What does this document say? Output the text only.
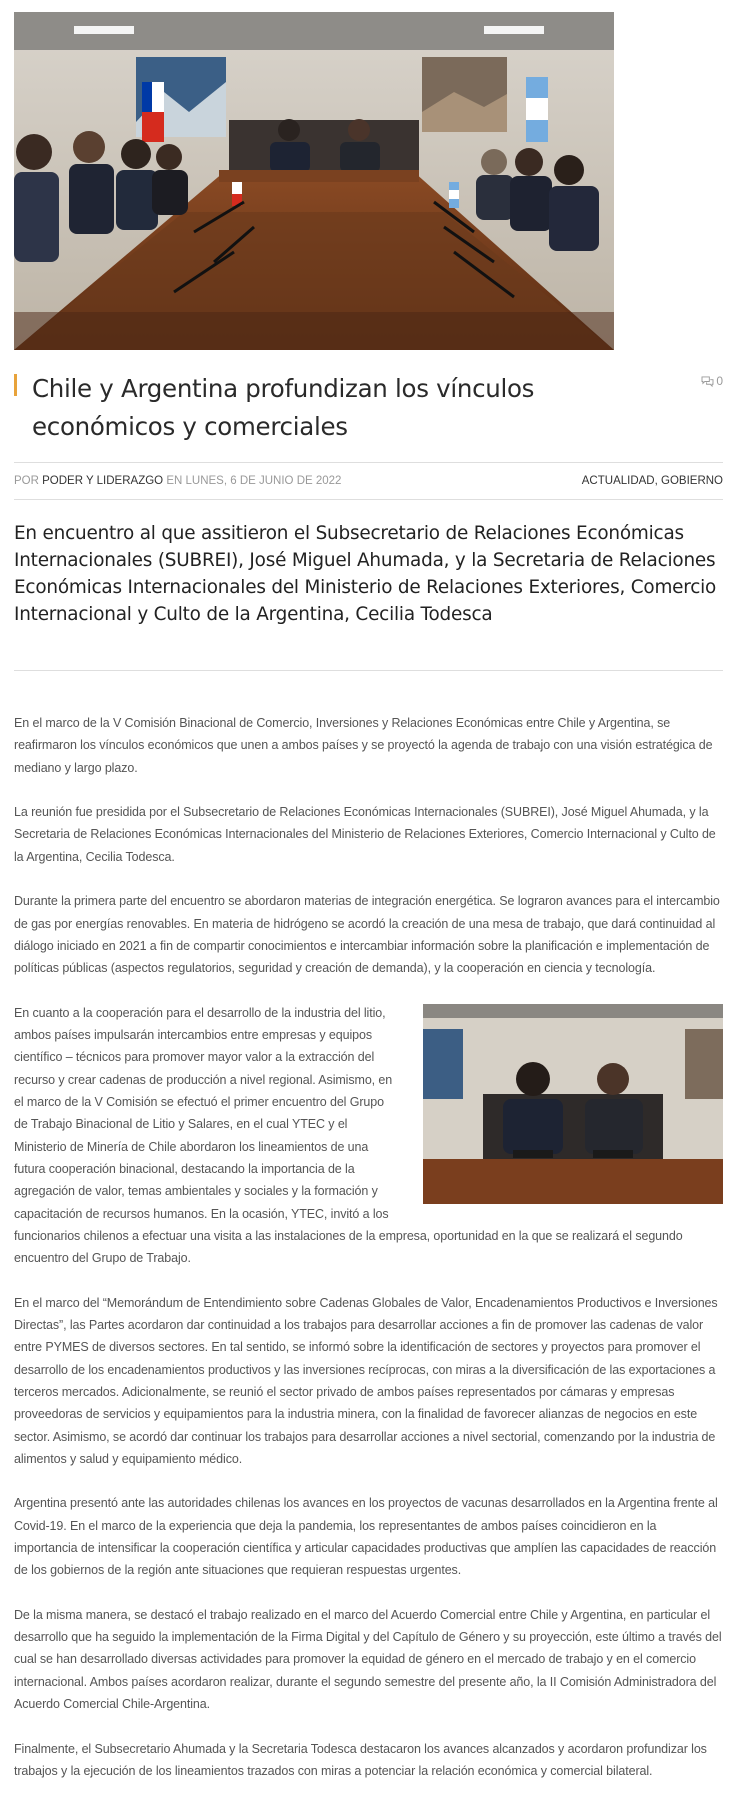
Chile y Argentina profundizan los vínculos económicos y comerciales
0
POR PODER Y LIDERAZGO EN LUNES, 6 DE JUNIO DE 2022	ACTUALIDAD, GOBIERNO
En encuentro al que assitieron el Subsecretario de Relaciones Económicas Internacionales (SUBREI), José Miguel Ahumada, y la Secretaria de Relaciones Económicas Internacionales del Ministerio de Relaciones Exteriores, Comercio Internacional y Culto de la Argentina, Cecilia Todesca

En el marco de la V Comisión Binacional de Comercio, Inversiones y Relaciones Económicas entre Chile y Argentina, se reafirmaron los vínculos económicos que unen a ambos países y se proyectó la agenda de trabajo con una visión estratégica de mediano y largo plazo.

La reunión fue presidida por el Subsecretario de Relaciones Económicas Internacionales (SUBREI), José Miguel Ahumada, y la Secretaria de Relaciones Económicas Internacionales del Ministerio de Relaciones Exteriores, Comercio Internacional y Culto de la Argentina, Cecilia Todesca.

Durante la primera parte del encuentro se abordaron materias de integración energética. Se lograron avances para el intercambio de gas por energías renovables. En materia de hidrógeno se acordó la creación de una mesa de trabajo, que dará continuidad al diálogo iniciado en 2021 a fin de compartir conocimientos e intercambiar información sobre la planificación e implementación de políticas públicas (aspectos regulatorios, seguridad y creación de demanda), y la cooperación en ciencia y tecnología.

En cuanto a la cooperación para el desarrollo de la industria del litio, ambos países impulsarán intercambios entre empresas y equipos científico – técnicos para promover mayor valor a la extracción del recurso y crear cadenas de producción a nivel regional. Asimismo, en el marco de la V Comisión se efectuó el primer encuentro del Grupo de Trabajo Binacional de Litio y Salares, en el cual YTEC y el Ministerio de Minería de Chile abordaron los lineamientos de una futura cooperación binacional, destacando la importancia de la agregación de valor, temas ambientales y sociales y la formación y capacitación de recursos humanos. En la ocasión, YTEC, invitó a los funcionarios chilenos a efectuar una visita a las instalaciones de la empresa, oportunidad en la que se realizará el segundo encuentro del Grupo de Trabajo.

En el marco del “Memorándum de Entendimiento sobre Cadenas Globales de Valor, Encadenamientos Productivos e Inversiones Directas”, las Partes acordaron dar continuidad a los trabajos para desarrollar acciones a fin de promover las cadenas de valor entre PYMES de diversos sectores. En tal sentido, se informó sobre la identificación de sectores y proyectos para promover el desarrollo de los encadenamientos productivos y las inversiones recíprocas, con miras a la diversificación de las exportaciones a terceros mercados. Adicionalmente, se reunió el sector privado de ambos países representados por cámaras y empresas proveedoras de servicios y equipamientos para la industria minera, con la finalidad de favorecer alianzas de negocios en este sector. Asimismo, se acordó dar continuar los trabajos para desarrollar acciones a nivel sectorial, comenzando por la industria de alimentos y salud y equipamiento médico.

Argentina presentó ante las autoridades chilenas los avances en los proyectos de vacunas desarrollados en la Argentina frente al Covid-19. En el marco de la experiencia que deja la pandemia, los representantes de ambos países coincidieron en la importancia de intensificar la cooperación científica y articular capacidades productivas que amplíen las capacidades de reacción de los gobiernos de la región ante situaciones que requieran respuestas urgentes.

De la misma manera, se destacó el trabajo realizado en el marco del Acuerdo Comercial entre Chile y Argentina, en particular el desarrollo que ha seguido la implementación de la Firma Digital y del Capítulo de Género y su proyección, este último a través del cual se han desarrollado diversas actividades para promover la equidad de género en el mercado de trabajo y en el comercio internacional. Ambos países acordaron realizar, durante el segundo semestre del presente año, la II Comisión Administradora del Acuerdo Comercial Chile-Argentina.

Finalmente, el Subsecretario Ahumada y la Secretaria Todesca destacaron los avances alcanzados y acordaron profundizar los trabajos y la ejecución de los lineamientos trazados con miras a potenciar la relación económica y comercial bilateral.
